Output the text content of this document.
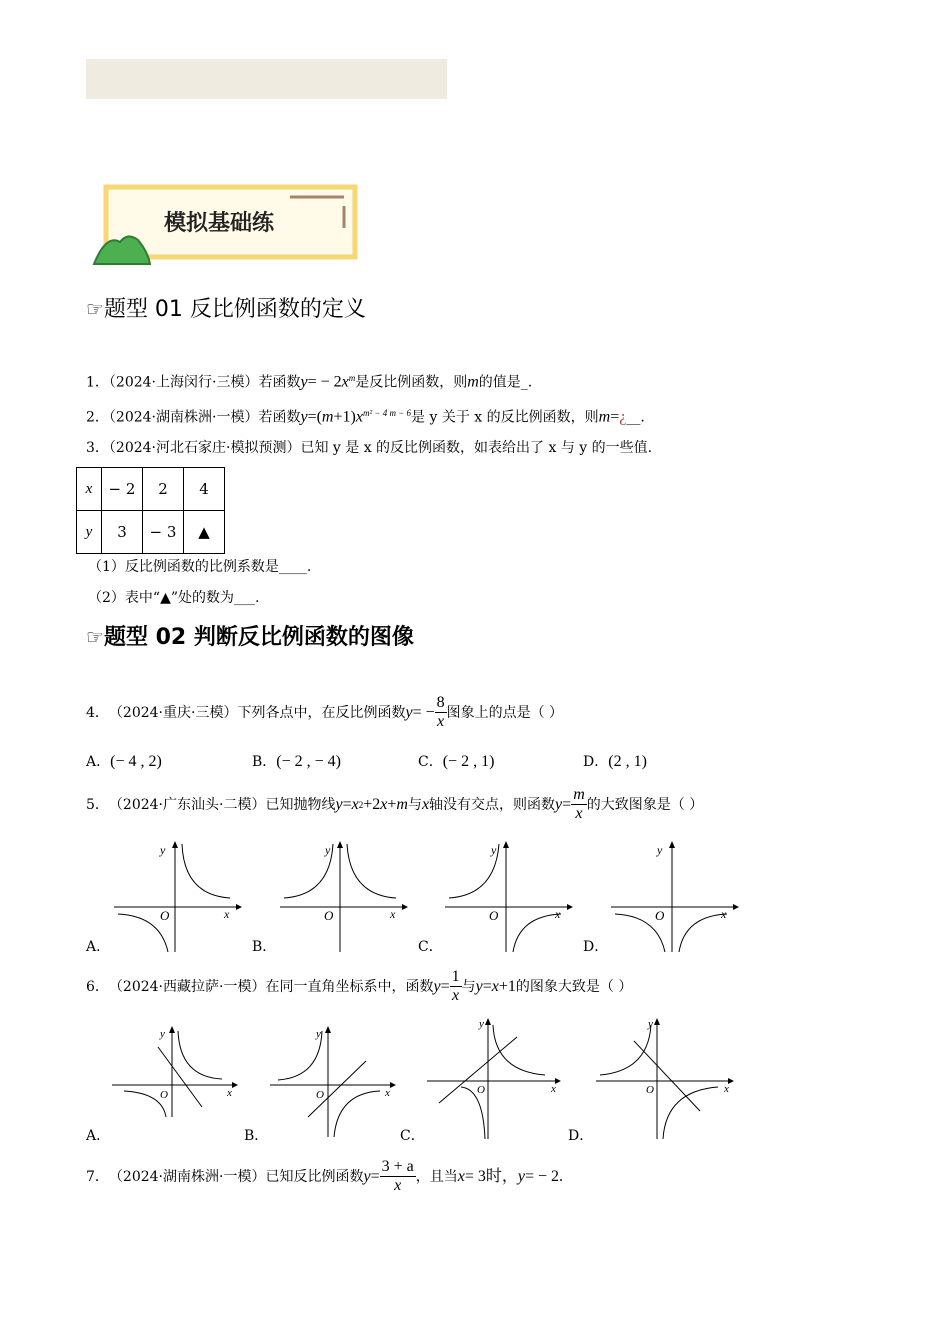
模拟基础练
☞题型 01 反比例函数的定义
1．（2024·上海闵行·三模）若函数$y= - 2x^m$是反比例函数，则m的值是_.
2．（2024·湖南株洲·一模）若函数$y=(m+1)x^{m^2 - 4 m - 6}$是 y 关于 x 的反比例函数，则m=¿__.
3．（2024·河北石家庄·模拟预测）已知 y 是 x 的反比例函数，如表给出了 x 与 y 的一些值.
x	− 2	2	4
y	3	− 3	▲
（1）反比例函数的比例系数是____.
（2）表中“▲”处的数为___.
☞题型 02 判断反比例函数的图像
4． （2024·重庆·三模）下列各点中，在反比例函数 y = − $\frac{8}{x}$ 图象上的点是（ ）
A．(− 4 , 2)	B．(− 2 , − 4)	C．(− 2 , 1)	D．(2 , 1)
5． （2024·广东汕头·二模）已知抛物线 y = x 2 +2 x + m 与 x 轴没有交点，则函数 $y = \frac{m}{x}$ 的大致图象是（ ）
y
x
O
y
x
O
y
x
O
y
x
O
A．	B．	C．	D．
6． （2024·西藏拉萨·一模）在同一直角坐标系中，函数 $y = \frac{1}{x}$ 与 y = x +1 的图象大致是（ ）
y
x
O
y
x
O
y
x
O
y
x
O
A．	B．	C．	D．
7． （2024·湖南株洲·一模）已知反比例函数 $y = \frac{3 + a}{x}$ ，且当 x = 3时， y = − 2.
